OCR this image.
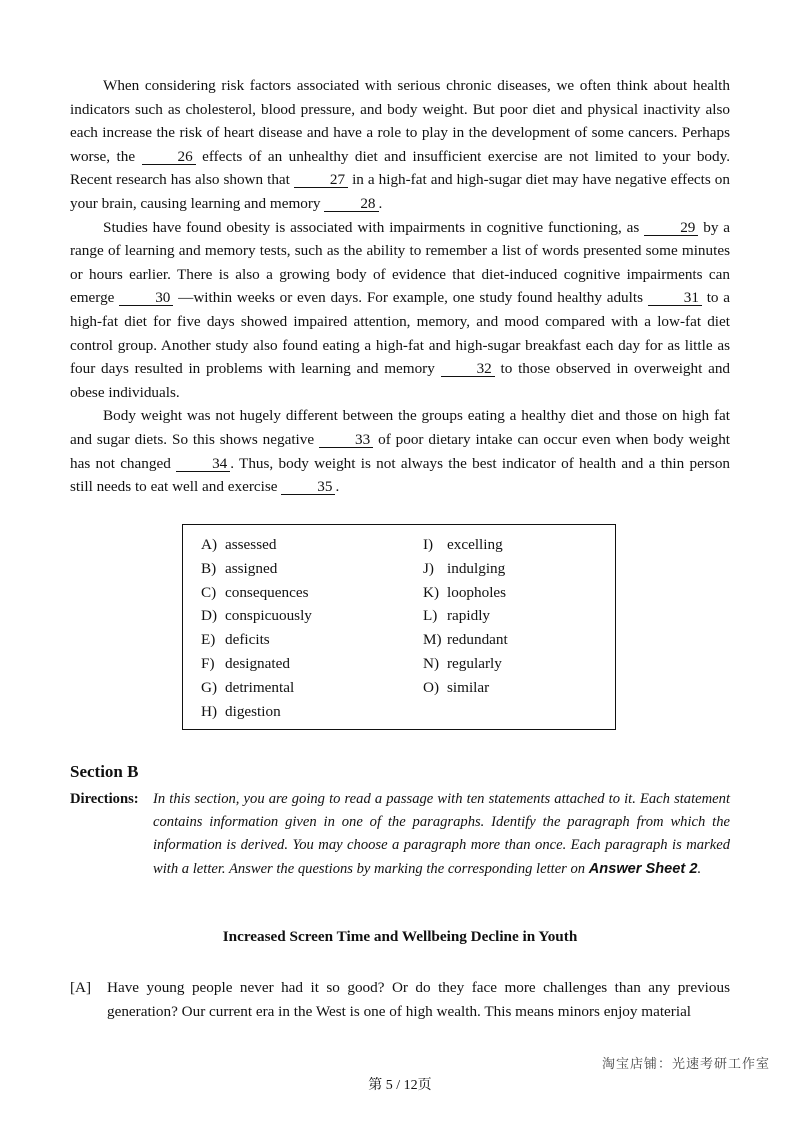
When considering risk factors associated with serious chronic diseases, we often think about health indicators such as cholesterol, blood pressure, and body weight. But poor diet and physical inactivity also each increase the risk of heart disease and have a role to play in the development of some cancers. Perhaps worse, the	26 effects of an unhealthy diet and insufficient exercise are not limited to your body. Recent research has also shown that	27 in a high-fat and high-sugar diet may have negative effects on your brain, causing learning and memory	28 .

Studies have found obesity is associated with impairments in cognitive functioning, as	29 by a range of learning and memory tests, such as the ability to remember a list of words presented some minutes or hours earlier. There is also a growing body of evidence that diet-induced cognitive impairments can emerge	30 —within weeks or even days. For example, one study found healthy adults	31 to a high-fat diet for five days showed impaired attention, memory, and mood compared with a low-fat diet control group. Another study also found eating a high-fat and high-sugar breakfast each day for as little as four days resulted in problems with learning and memory	32 to those observed in overweight and obese individuals.

Body weight was not hugely different between the groups eating a healthy diet and those on high fat and sugar diets. So this shows negative	33 of poor dietary intake can occur even when body weight has not changed	34 . Thus, body weight is not always the best indicator of health and a thin person still needs to eat well and exercise	35 .

A) assessed
B) assigned
C) consequences
D) conspicuously
E) deficits
F) designated
G) detrimental
H) digestion
I) excelling
J) indulging
K) loopholes
L) rapidly
M) redundant
N) regularly
O) similar
Section B
Directions: In this section, you are going to read a passage with ten statements attached to it. Each statement contains information given in one of the paragraphs. Identify the paragraph from which the information is derived. You may choose a paragraph more than once. Each paragraph is marked with a letter. Answer the questions by marking the corresponding letter on Answer Sheet 2.
Increased Screen Time and Wellbeing Decline in Youth
[A] Have young people never had it so good? Or do they face more challenges than any previous generation? Our current era in the West is one of high wealth. This means minors enjoy material
淘宝店铺：光速考研工作室
第 5 / 12页
